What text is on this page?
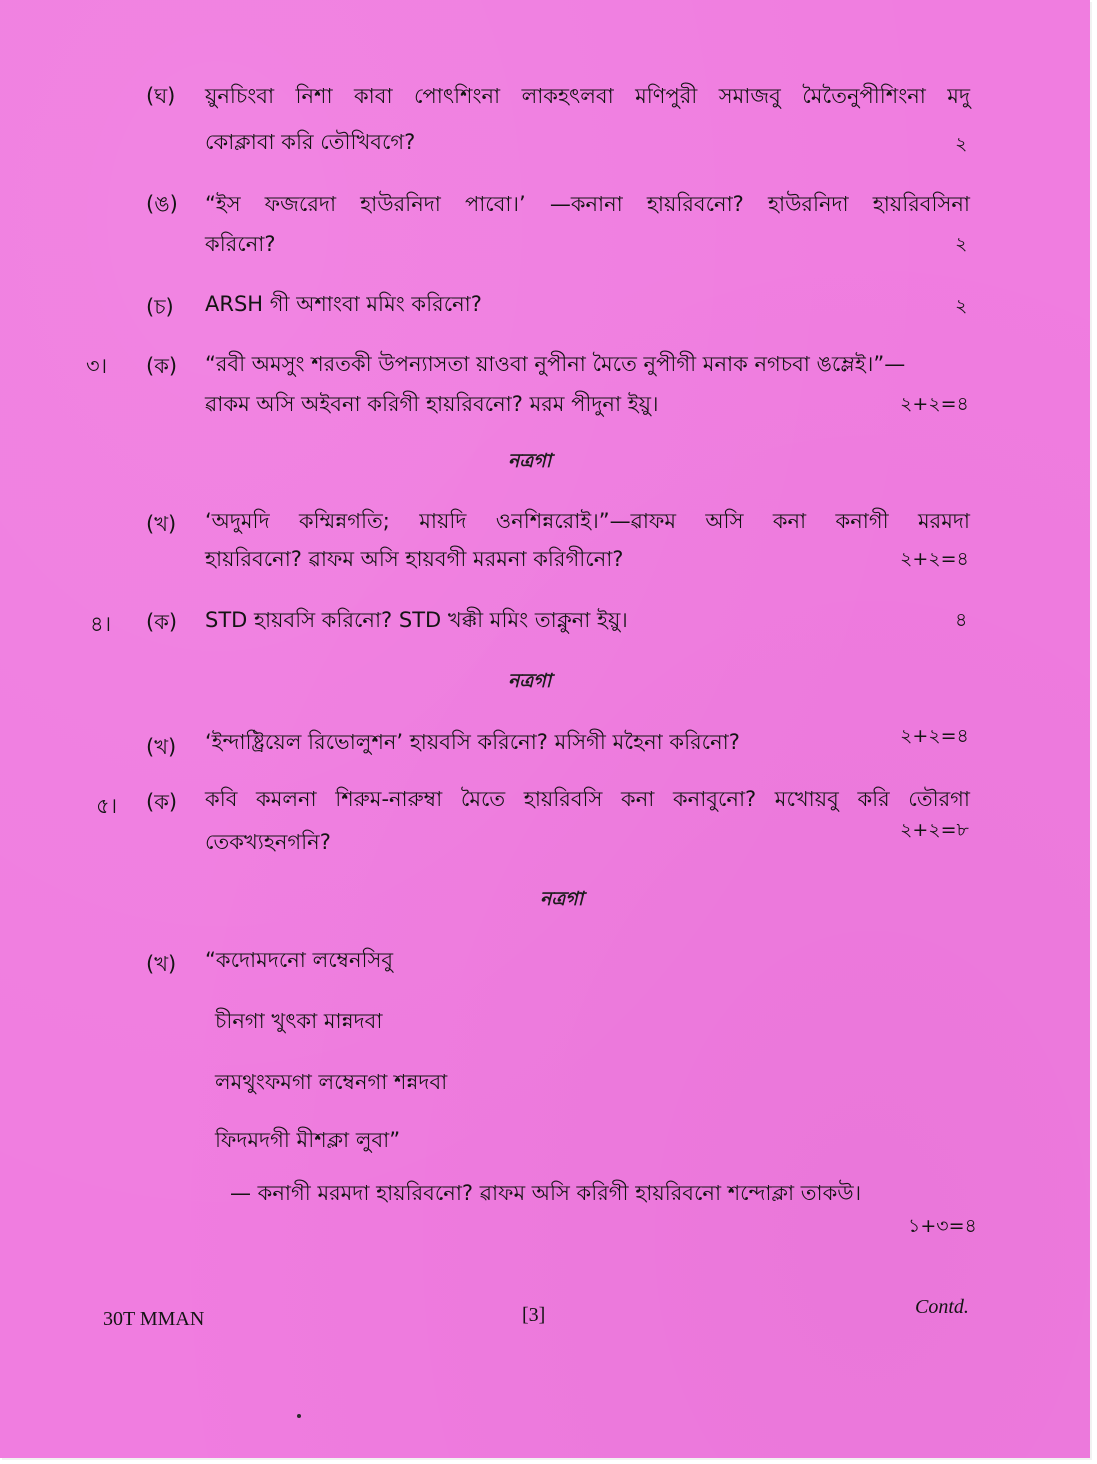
(ঘ) য়ুনচিংবা নিশা কাবা পোৎশিংনা লাকহৎলবা মণিপুরী সমাজবু মৈতৈনুপীশিংনা মদু
কোক্লাবা করি তৌখিবগে?	২
(ঙ) “ইস ফজরেদা হাউরনিদা পাবো।’ —কনানা হায়রিবনো? হাউরনিদা হায়রিবসিনা
করিনো?	২
(চ) ARSH গী অশাংবা মমিং করিনো?	২
৩। (ক) “রবী অমসুং শরতকী উপন্যাসতা য়াওবা নুপীনা মৈতে নুপীগী মনাক নগচবা ঙম্লেই।”—
ৱাকম অসি অইবনা করিগী হায়রিবনো? মরম পীদুনা ইয়ু।	২+২=৪
নত্রগা
(খ) ‘অদুমদি কম্মিন্নগতি; মায়দি ওনশিন্নরোই।”—ৱাফম অসি কনা কনাগী মরমদা
হায়রিবনো? ৱাফম অসি হায়বগী মরমনা করিগীনো?	২+২=৪
৪। (ক) STD হায়বসি করিনো? STD খক্কী মমিং তাক্নুনা ইয়ু।	৪
নত্রগা
(খ) ‘ইন্দাষ্ট্রিয়েল রিভোলুশন’ হায়বসি করিনো? মসিগী মহৈনা করিনো?	২+২=৪
৫। (ক) কবি কমলনা শিরুম-নারুম্বা মৈতে হায়রিবসি কনা কনাবুনো? মখোয়বু করি তৌরগা
তেকখ্যহনগনি?	২+২=৮
নত্রগা
(খ) “কদোমদনো লম্বেনসিবু
চীনগা খুৎকা মান্নদবা
লমথুংফমগা লম্বেনগা শন্নদবা
ফিদমদগী মীশক্লা লুবা”
— কনাগী মরমদা হায়রিবনো? ৱাফম অসি করিগী হায়রিবনো শন্দোক্লা তাকউ।
১+৩=৪
30T MMAN	[3]	Contd.
